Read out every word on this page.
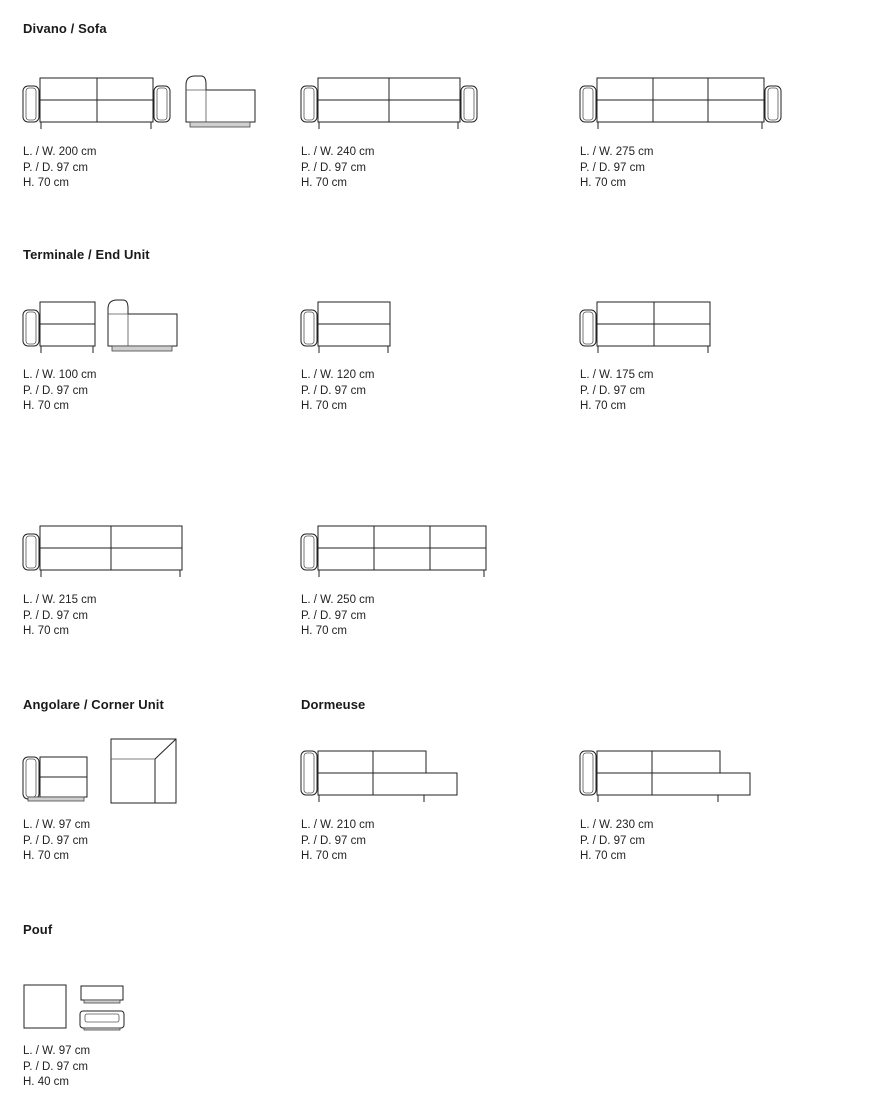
Divano / Sofa
Terminale / End Unit
Angolare / Corner Unit	Dormeuse
Pouf
L. / W. 200 cm
P. / D. 97 cm
H. 70 cm
L. / W. 240 cm
P. / D. 97 cm
H. 70 cm
L. / W. 275 cm
P. / D. 97 cm
H. 70 cm
L. / W. 100 cm
P. / D. 97 cm
H. 70 cm
L. / W. 120 cm
P. / D. 97 cm
H. 70 cm
L. / W. 175 cm
P. / D. 97 cm
H. 70 cm
L. / W. 215 cm
P. / D. 97 cm
H. 70 cm
L. / W. 250 cm
P. / D. 97 cm
H. 70 cm
L. / W. 97 cm
P. / D. 97 cm
H. 70 cm
L. / W. 210 cm
P. / D. 97 cm
H. 70 cm
L. / W. 230 cm
P. / D. 97 cm
H. 70 cm
L. / W. 97 cm
P. / D. 97 cm
H. 40 cm
